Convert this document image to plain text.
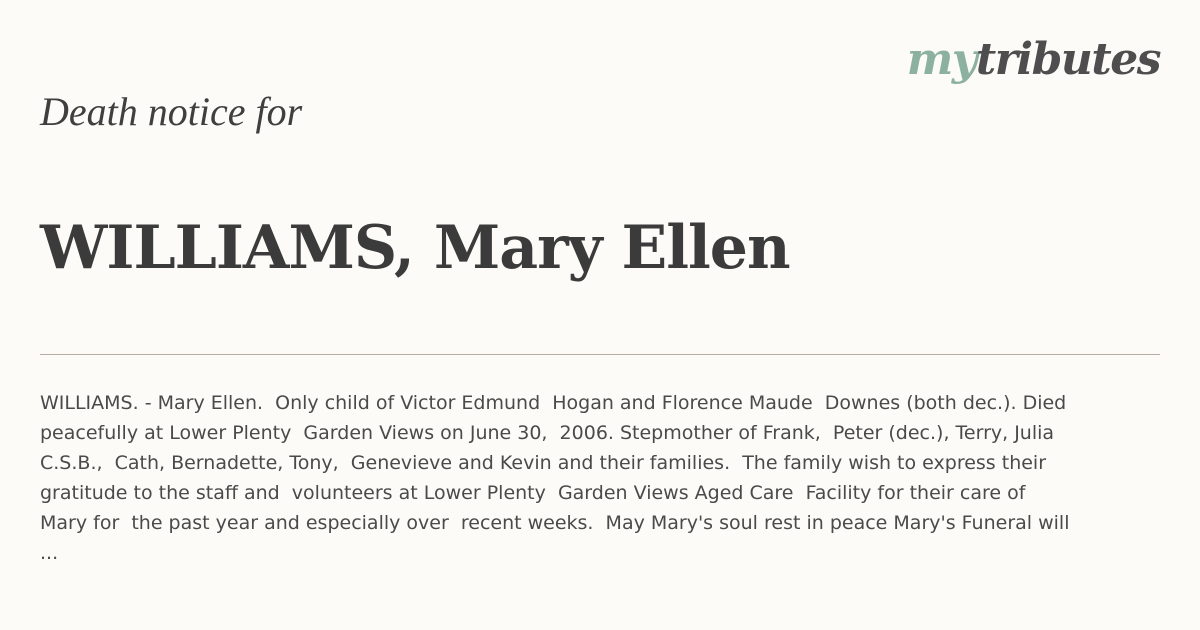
mytributes
Death notice for
WILLIAMS, Mary Ellen
WILLIAMS. - Mary Ellen.  Only child of Victor Edmund  Hogan and Florence Maude  Downes (both dec.). Died
peacefully at Lower Plenty  Garden Views on June 30,  2006. Stepmother of Frank,  Peter (dec.), Terry, Julia
C.S.B.,  Cath, Bernadette, Tony,  Genevieve and Kevin and their families.  The family wish to express their
gratitude to the staff and  volunteers at Lower Plenty  Garden Views Aged Care  Facility for their care of
Mary for  the past year and especially over  recent weeks.  May Mary's soul rest in peace Mary's Funeral will
...
